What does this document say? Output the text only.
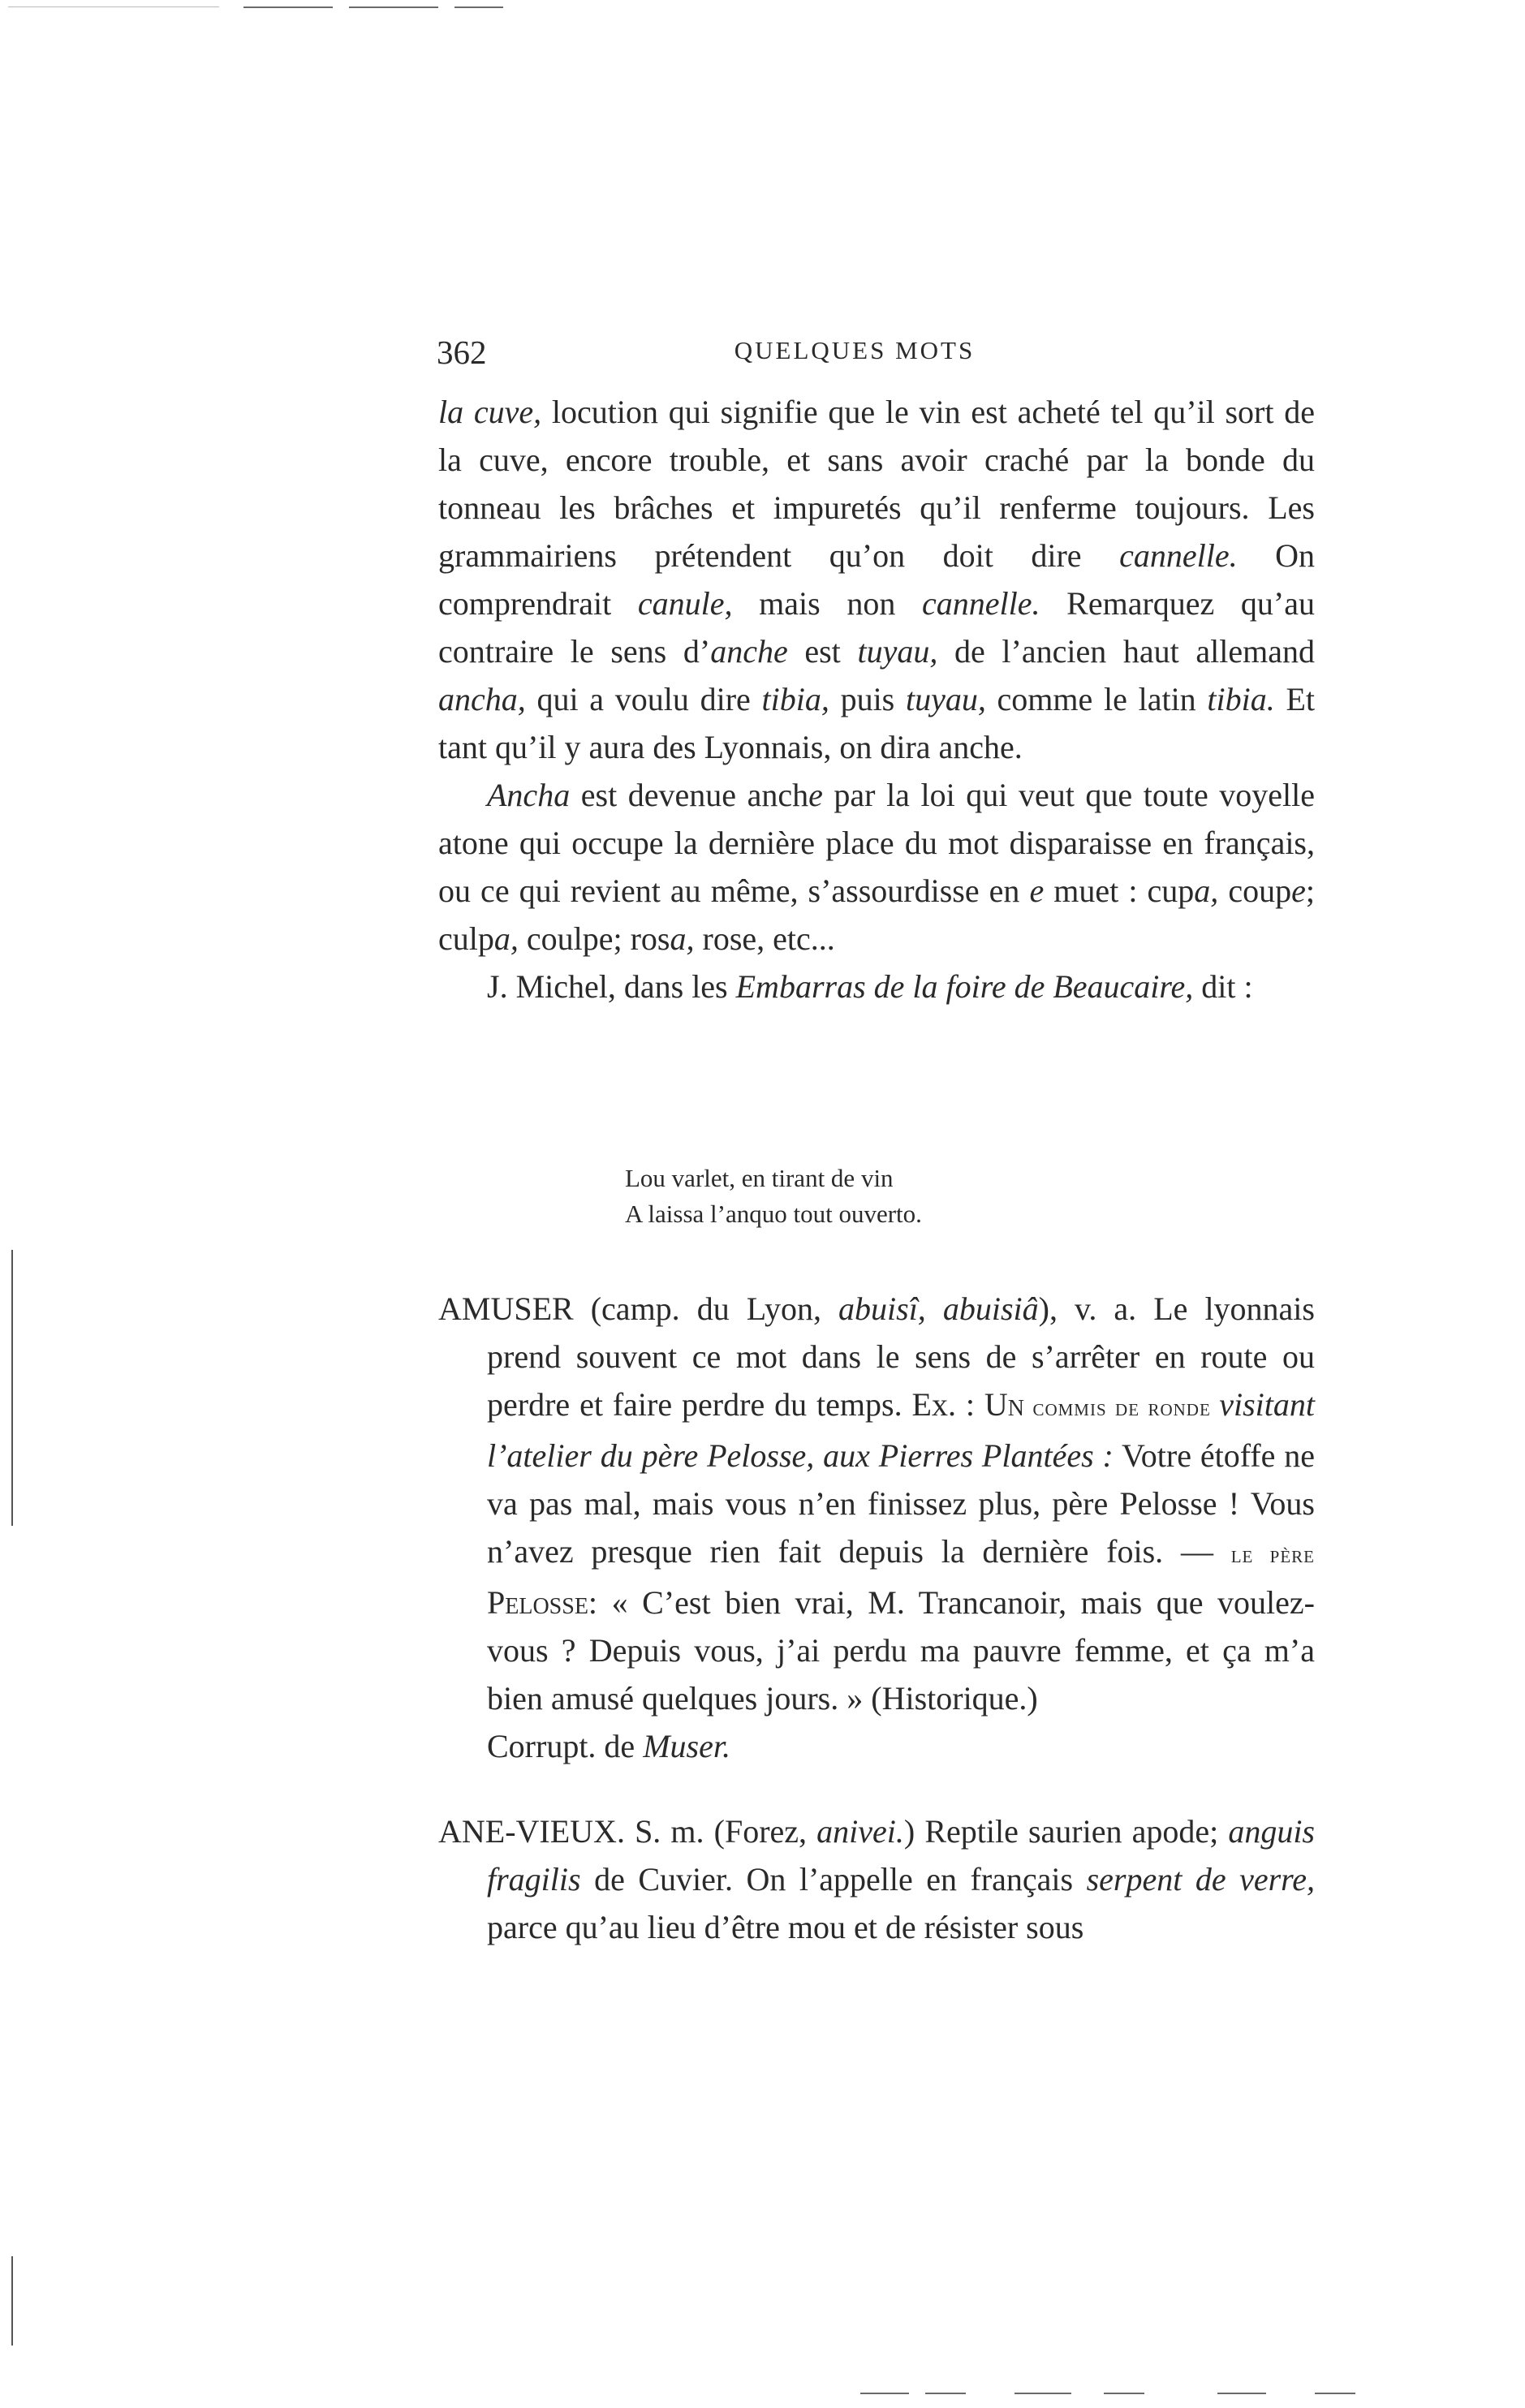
362	QUELQUES MOTS

la cuve, locution qui signifie que le vin est acheté tel qu’il sort de la cuve, encore trouble, et sans avoir craché par la bonde du tonneau les brâches et impuretés qu’il renferme toujours. Les grammairiens prétendent qu’on doit dire cannelle. On comprendrait canule, mais non cannelle. Remarquez qu’au contraire le sens d’anche est tuyau, de l’ancien haut allemand ancha, qui a voulu dire tibia, puis tuyau, comme le latin tibia. Et tant qu’il y aura des Lyonnais, on dira anche.

Ancha est devenue anche par la loi qui veut que toute voyelle atone qui occupe la dernière place du mot disparaisse en français, ou ce qui revient au même, s’assourdisse en e muet : cupa, coupe; culpa, coulpe; rosa, rose, etc...

J. Michel, dans les Embarras de la foire de Beaucaire, dit :

Lou varlet, en tirant de vin
A laissa l’anquo tout ouverto.

AMUSER (camp. du Lyon, abuisî, abuisiâ), v. a. Le lyonnais prend souvent ce mot dans le sens de s’arrêter en route ou perdre et faire perdre du temps. Ex. : Un commis de ronde visitant l’atelier du père Pelosse, aux Pierres Plantées : Votre étoffe ne va pas mal, mais vous n’en finissez plus, père Pelosse ! Vous n’avez presque rien fait depuis la dernière fois. — le père Pelosse: « C’est bien vrai, M. Trancanoir, mais que voulez-vous ? Depuis vous, j’ai perdu ma pauvre femme, et ça m’a bien amusé quelques jours. » (Historique.)

Corrupt. de Muser.

ANE-VIEUX. S. m. (Forez, anivei.) Reptile saurien apode; anguis fragilis de Cuvier. On l’appelle en français serpent de verre, parce qu’au lieu d’être mou et de résister sous
